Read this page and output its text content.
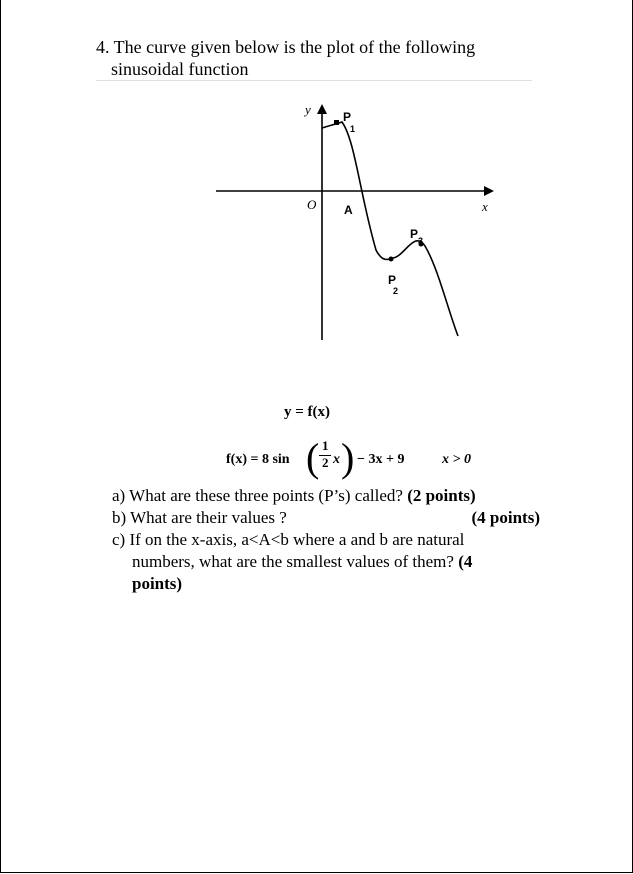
4. The curve given below is the plot of the following
sinusoidal function
y
x
O A
P
1
P 3
P
2
y = f(x)
f(x) = 8 sin ( 1
2 x ) − 3x + 9	x > 0
a) What are these three points (P’s) called? (2 points)
b) What are their values ?	(4 points)
c) If on the x-axis, a<A<b where a and b are natural
numbers, what are the smallest values of them? (4
points)
